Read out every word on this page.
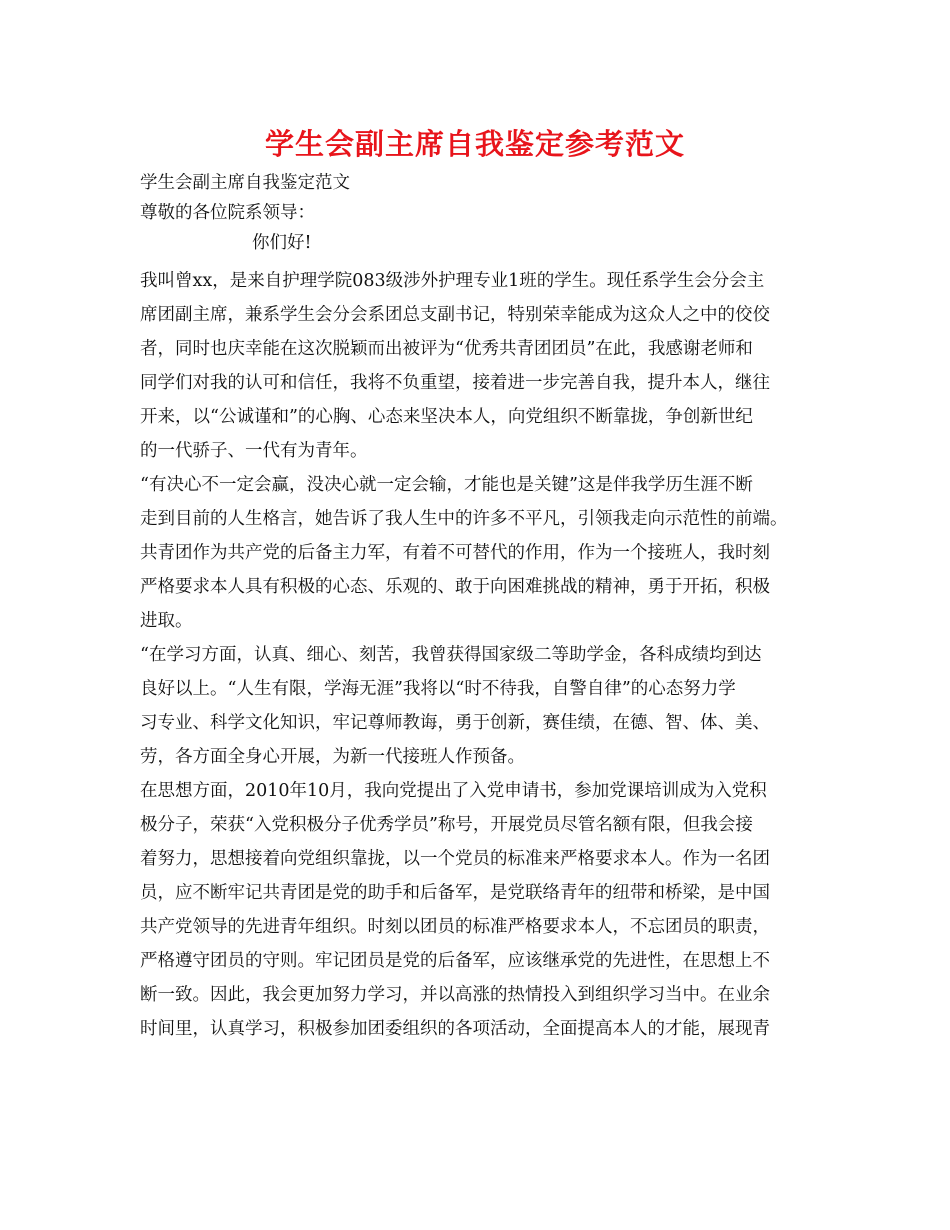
学生会副主席自我鉴定参考范文
学生会副主席自我鉴定范文
尊敬的各位院系领导：
你们好!
我叫曾xx，是来自护理学院083级涉外护理专业1班的学生。现任系学生会分会主
席团副主席，兼系学生会分会系团总支副书记，特别荣幸能成为这众人之中的佼佼
者，同时也庆幸能在这次脱颖而出被评为“优秀共青团团员”在此，我感谢老师和
同学们对我的认可和信任，我将不负重望，接着进一步完善自我，提升本人，继往
开来，以“公诚谨和”的心胸、心态来坚决本人，向党组织不断靠拢，争创新世纪
的一代骄子、一代有为青年。
“有决心不一定会赢，没决心就一定会输，才能也是关键”这是伴我学历生涯不断
走到目前的人生格言，她告诉了我人生中的许多不平凡，引领我走向示范性的前端。
共青团作为共产党的后备主力军，有着不可替代的作用，作为一个接班人，我时刻
严格要求本人具有积极的心态、乐观的、敢于向困难挑战的精神，勇于开拓，积极
进取。
“在学习方面，认真、细心、刻苦，我曾获得国家级二等助学金，各科成绩均到达
良好以上。“人生有限，学海无涯”我将以“时不待我，自警自律”的心态努力学
习专业、科学文化知识，牢记尊师教诲，勇于创新，赛佳绩，在德、智、体、美、
劳，各方面全身心开展，为新一代接班人作预备。
在思想方面，2010年10月，我向党提出了入党申请书，参加党课培训成为入党积
极分子，荣获“入党积极分子优秀学员”称号，开展党员尽管名额有限，但我会接
着努力，思想接着向党组织靠拢，以一个党员的标准来严格要求本人。作为一名团
员，应不断牢记共青团是党的助手和后备军，是党联络青年的纽带和桥梁，是中国
共产党领导的先进青年组织。时刻以团员的标准严格要求本人，不忘团员的职责，
严格遵守团员的守则。牢记团员是党的后备军，应该继承党的先进性，在思想上不
断一致。因此，我会更加努力学习，并以高涨的热情投入到组织学习当中。在业余
时间里，认真学习，积极参加团委组织的各项活动，全面提高本人的才能，展现青
